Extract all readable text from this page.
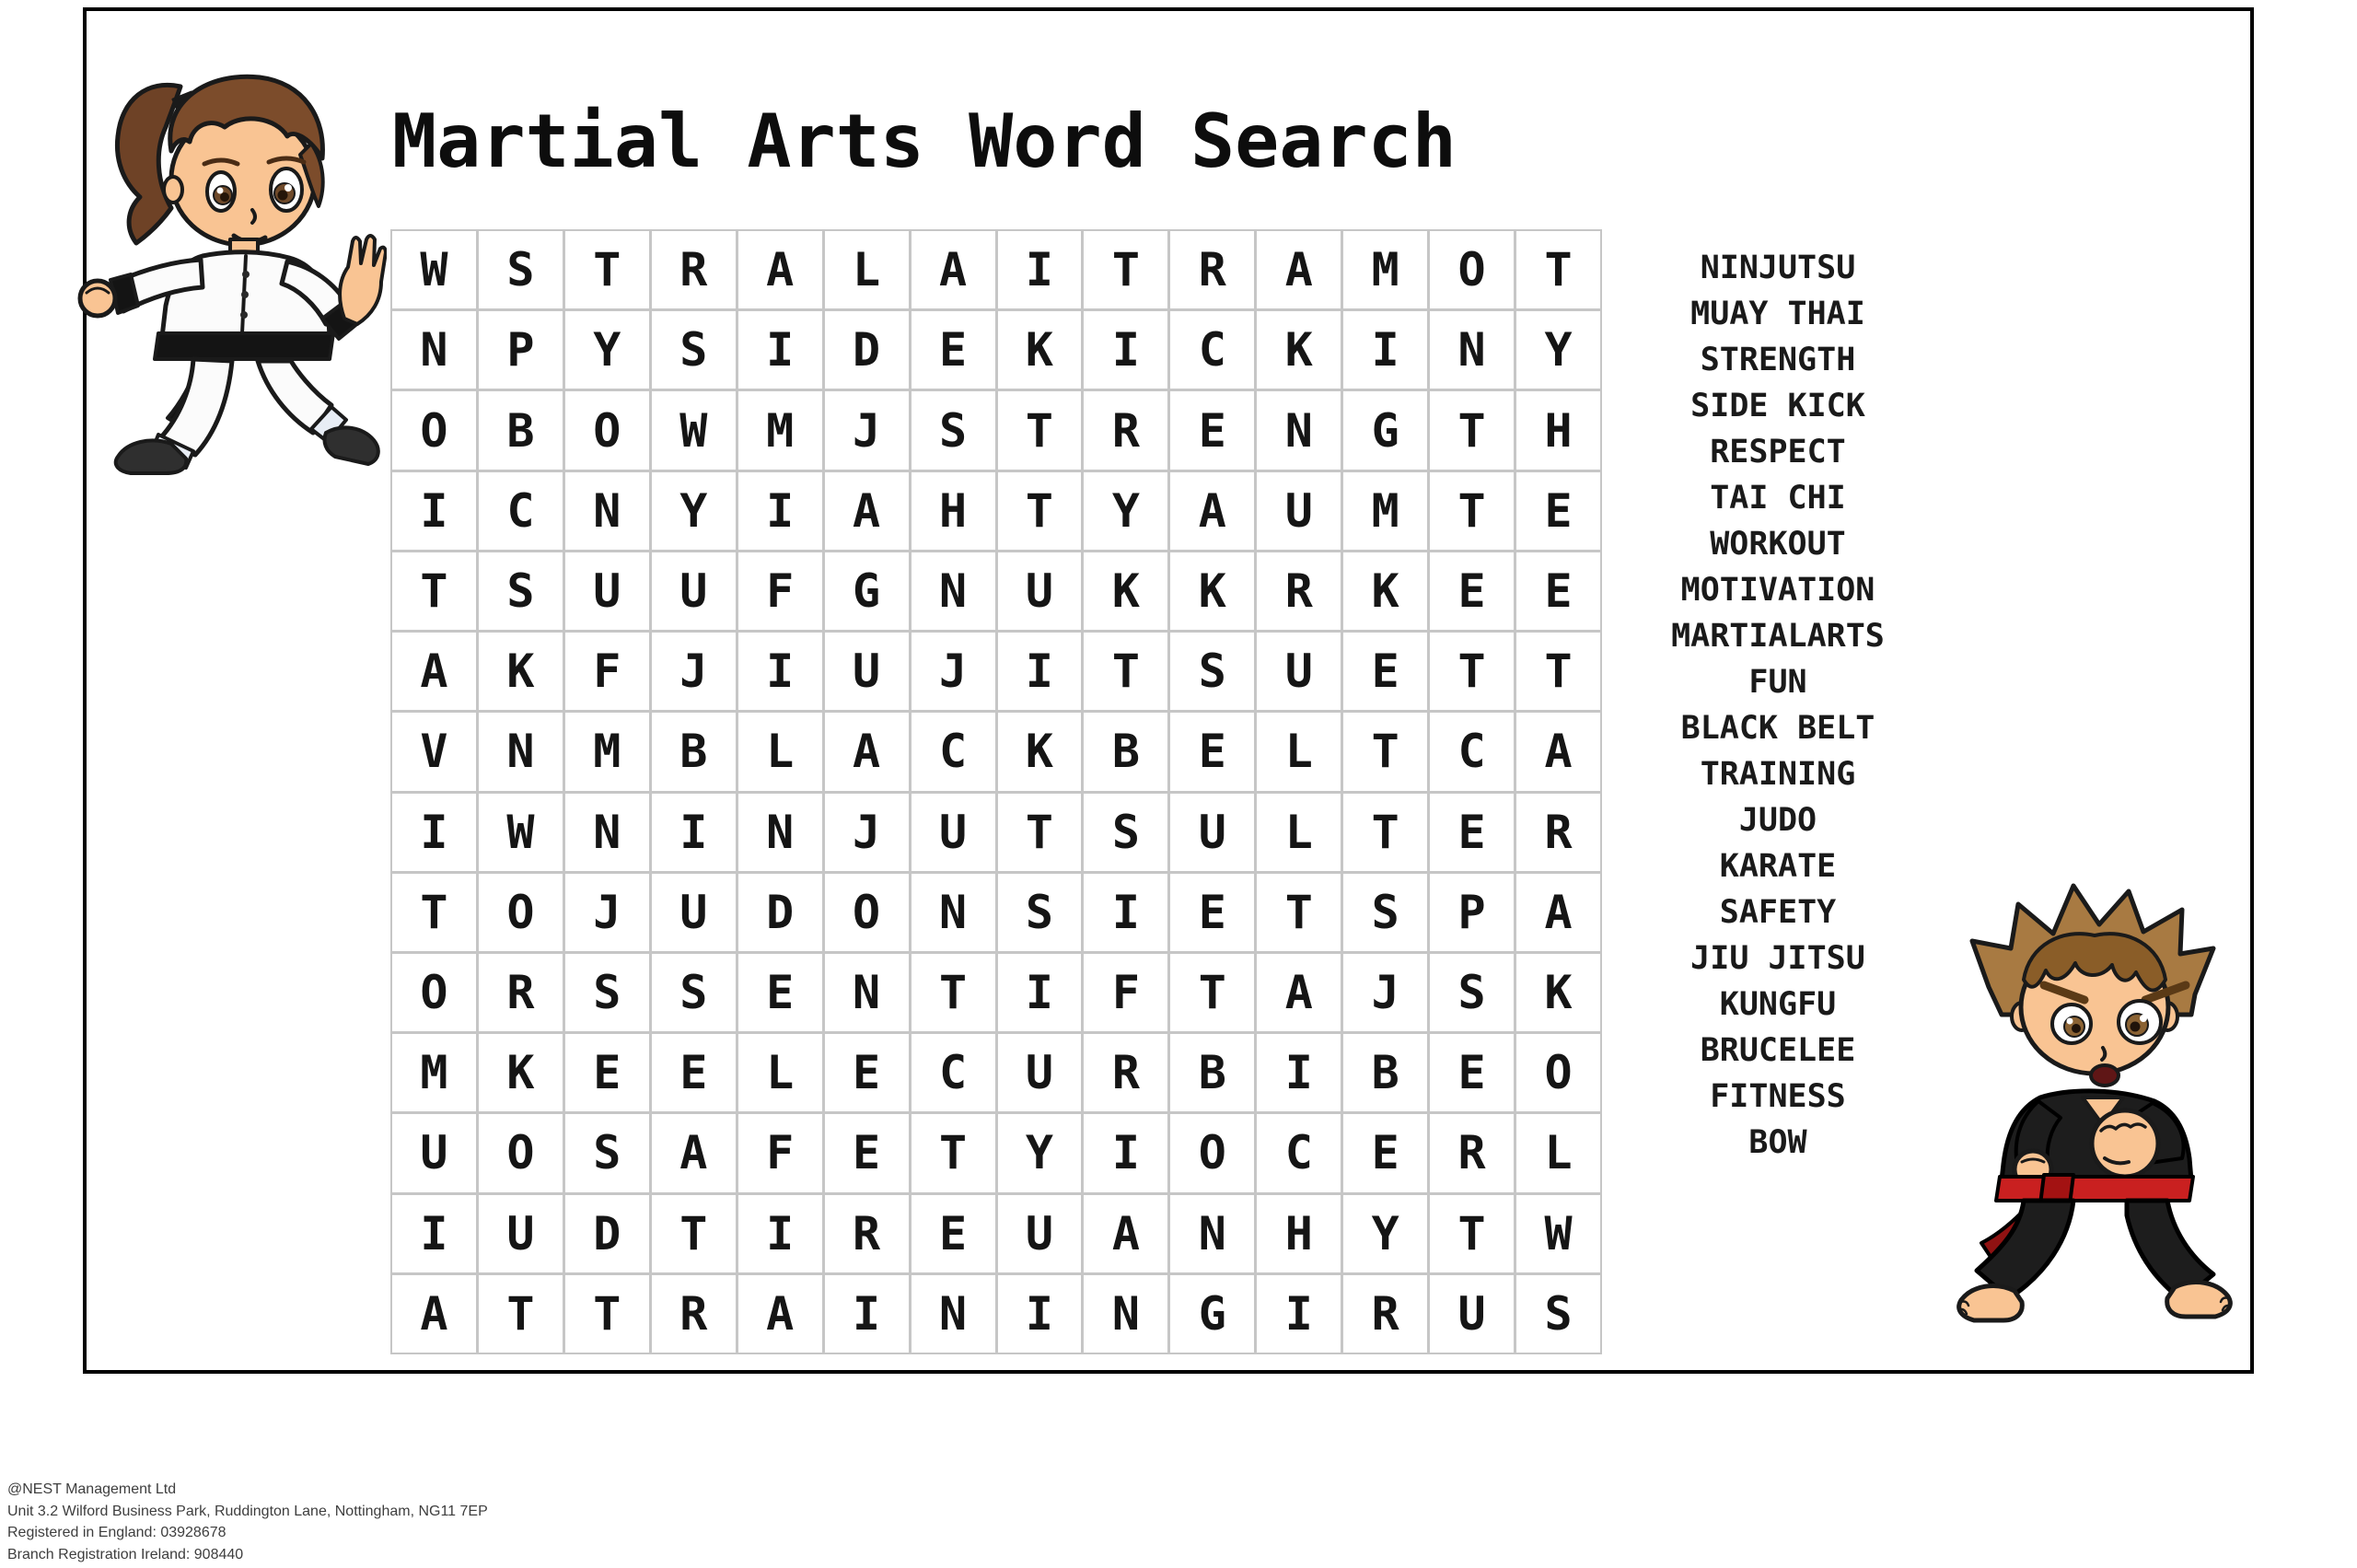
Martial Arts Word Search
W	S	T	R	A	L	A	I	T	R	A	M	O	T
N	P	Y	S	I	D	E	K	I	C	K	I	N	Y
O	B	O	W	M	J	S	T	R	E	N	G	T	H
I	C	N	Y	I	A	H	T	Y	A	U	M	T	E
T	S	U	U	F	G	N	U	K	K	R	K	E	E
A	K	F	J	I	U	J	I	T	S	U	E	T	T
V	N	M	B	L	A	C	K	B	E	L	T	C	A
I	W	N	I	N	J	U	T	S	U	L	T	E	R
T	O	J	U	D	O	N	S	I	E	T	S	P	A
O	R	S	S	E	N	T	I	F	T	A	J	S	K
M	K	E	E	L	E	C	U	R	B	I	B	E	O
U	O	S	A	F	E	T	Y	I	O	C	E	R	L
I	U	D	T	I	R	E	U	A	N	H	Y	T	W
A	T	T	R	A	I	N	I	N	G	I	R	U	S
NINJUTSU
MUAY THAI
STRENGTH
SIDE KICK
RESPECT
TAI CHI
WORKOUT
MOTIVATION
MARTIALARTS
FUN
BLACK BELT
TRAINING
JUDO
KARATE
SAFETY
JIU JITSU
KUNGFU
BRUCELEE
FITNESS
BOW
@NEST Management Ltd
Unit 3.2 Wilford Business Park, Ruddington Lane, Nottingham, NG11 7EP
Registered in England: 03928678
Branch Registration Ireland: 908440
